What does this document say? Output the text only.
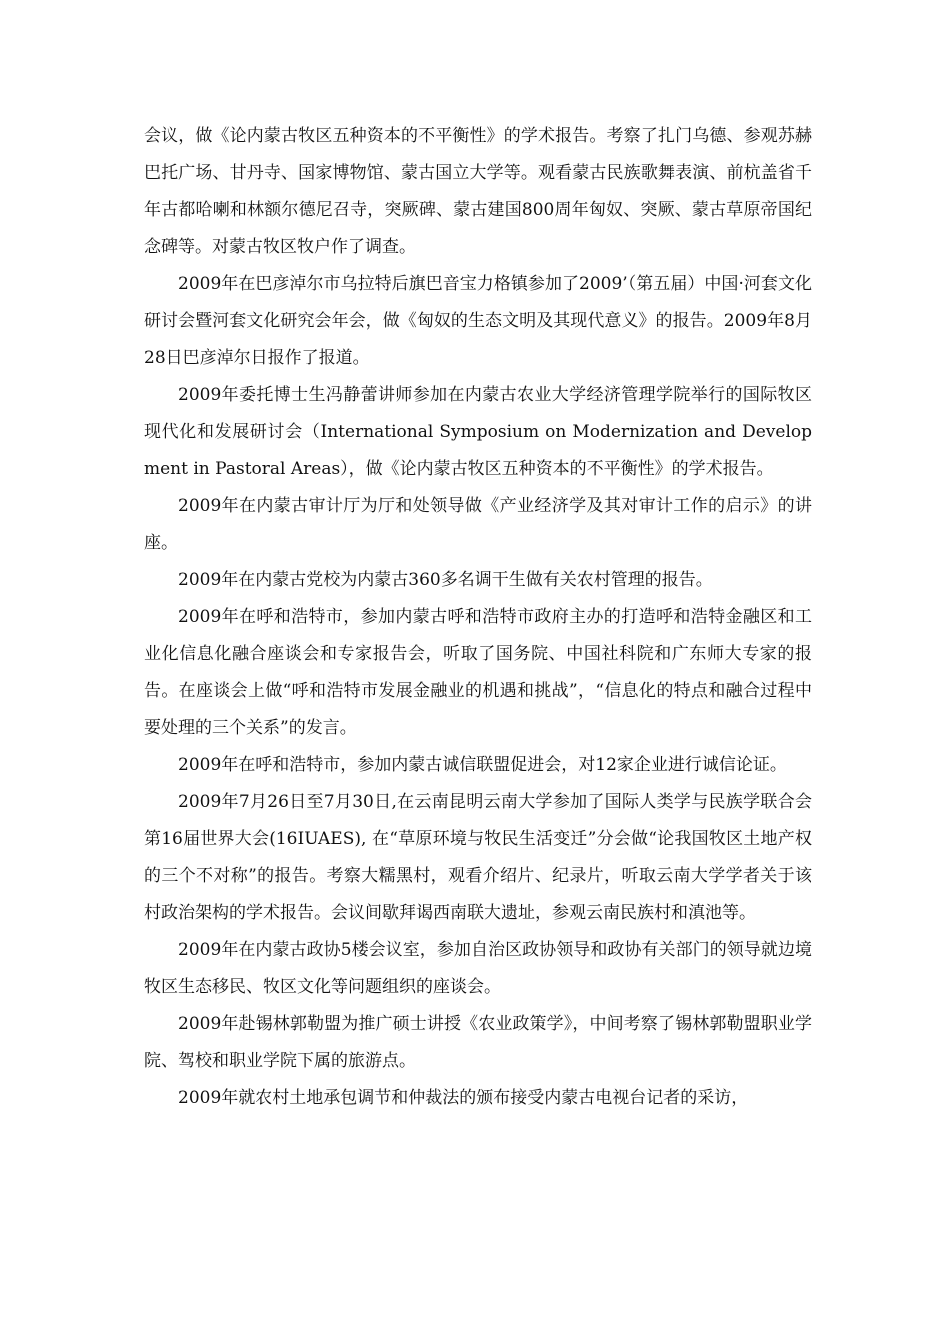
会议，做《论内蒙古牧区五种资本的不平衡性》的学术报告。考察了扎门乌德、参观苏赫巴托广场、甘丹寺、国家博物馆、蒙古国立大学等。观看蒙古民族歌舞表演、前杭盖省千年古都哈喇和林额尔德尼召寺，突厥碑、蒙古建国800周年匈奴、突厥、蒙古草原帝国纪念碑等。对蒙古牧区牧户作了调查。

2009年在巴彦淖尔市乌拉特后旗巴音宝力格镇参加了2009’（第五届）中国·河套文化研讨会暨河套文化研究会年会，做《匈奴的生态文明及其现代意义》的报告。2009年8月28日巴彦淖尔日报作了报道。

2009年委托博士生冯静蕾讲师参加在内蒙古农业大学经济管理学院举行的国际牧区现代化和发展研讨会（International Symposium on Modernization and Development in Pastoral Areas），做《论内蒙古牧区五种资本的不平衡性》的学术报告。

2009年在内蒙古审计厅为厅和处领导做《产业经济学及其对审计工作的启示》的讲座。

2009年在内蒙古党校为内蒙古360多名调干生做有关农村管理的报告。

2009年在呼和浩特市，参加内蒙古呼和浩特市政府主办的打造呼和浩特金融区和工业化信息化融合座谈会和专家报告会，听取了国务院、中国社科院和广东师大专家的报告。在座谈会上做“呼和浩特市发展金融业的机遇和挑战”，“信息化的特点和融合过程中要处理的三个关系”的发言。

2009年在呼和浩特市，参加内蒙古诚信联盟促进会，对12家企业进行诚信论证。

2009年7月26日至7月30日,在云南昆明云南大学参加了国际人类学与民族学联合会第16届世界大会(16IUAES), 在“草原环境与牧民生活变迁”分会做“论我国牧区土地产权的三个不对称”的报告。考察大糯黑村，观看介绍片、纪录片，听取云南大学学者关于该村政治架构的学术报告。会议间歇拜谒西南联大遗址，参观云南民族村和滇池等。

2009年在内蒙古政协5楼会议室，参加自治区政协领导和政协有关部门的领导就边境牧区生态移民、牧区文化等问题组织的座谈会。

2009年赴锡林郭勒盟为推广硕士讲授《农业政策学》，中间考察了锡林郭勒盟职业学院、驾校和职业学院下属的旅游点。

2009年就农村土地承包调节和仲裁法的颁布接受内蒙古电视台记者的采访，
